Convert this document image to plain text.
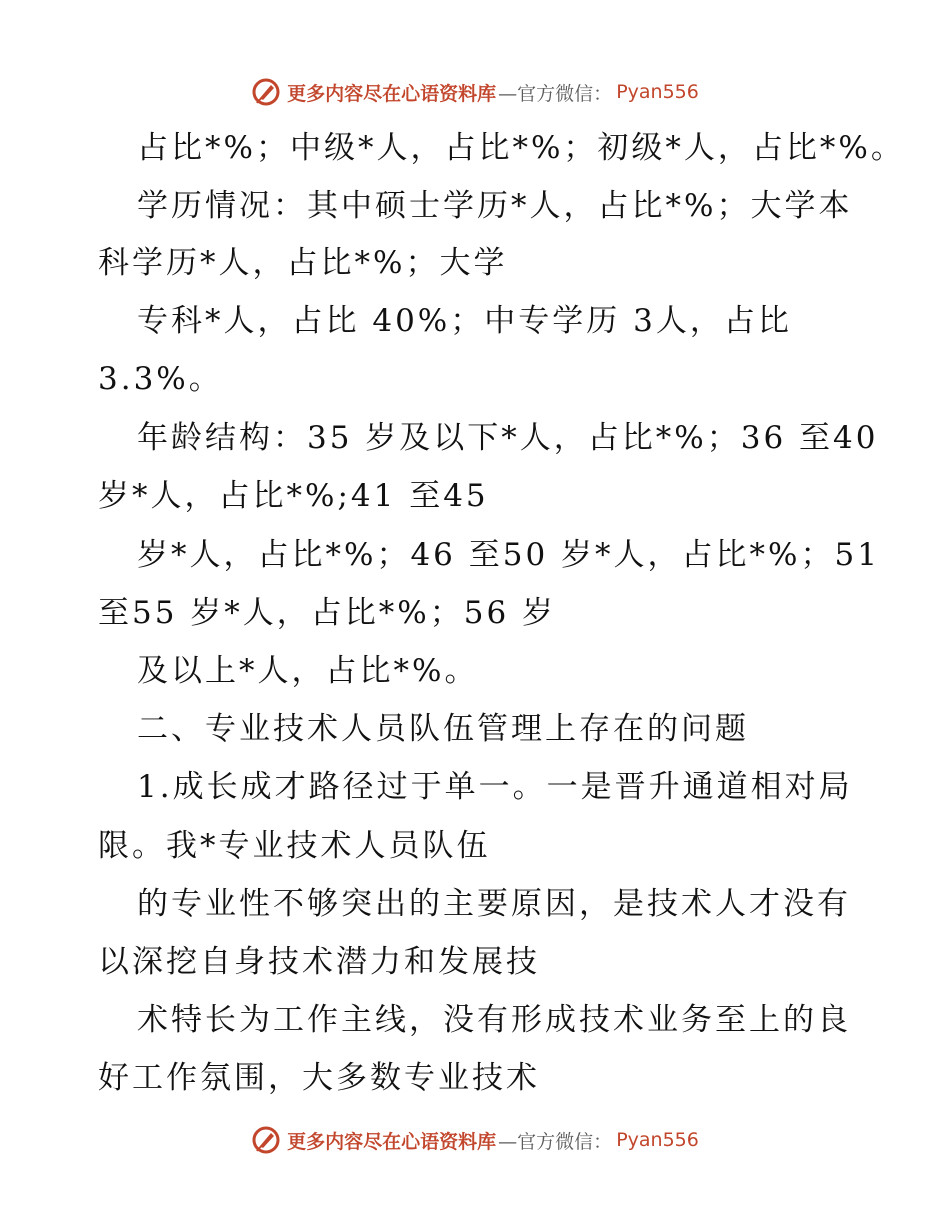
更多内容尽在心语资料库 —官方微信： Pyan556
占比*%；中级*人，占比*%；初级*人，占比*%。
学历情况：其中硕士学历*人，占比*%；大学本
科学历*人，占比*%；大学
专科*人，占比 40%；中专学历 3人，占比
3.3%。
年龄结构：35 岁及以下*人，占比*%；36 至40
岁*人，占比*%;41 至45
岁*人，占比*%；46 至50 岁*人，占比*%；51
至55 岁*人，占比*%；56 岁
及以上*人，占比*%。
二、专业技术人员队伍管理上存在的问题
1.成长成才路径过于单一。一是晋升通道相对局
限。我*专业技术人员队伍
的专业性不够突出的主要原因，是技术人才没有
以深挖自身技术潜力和发展技
术特长为工作主线，没有形成技术业务至上的良
好工作氛围，大多数专业技术
更多内容尽在心语资料库 —官方微信： Pyan556
